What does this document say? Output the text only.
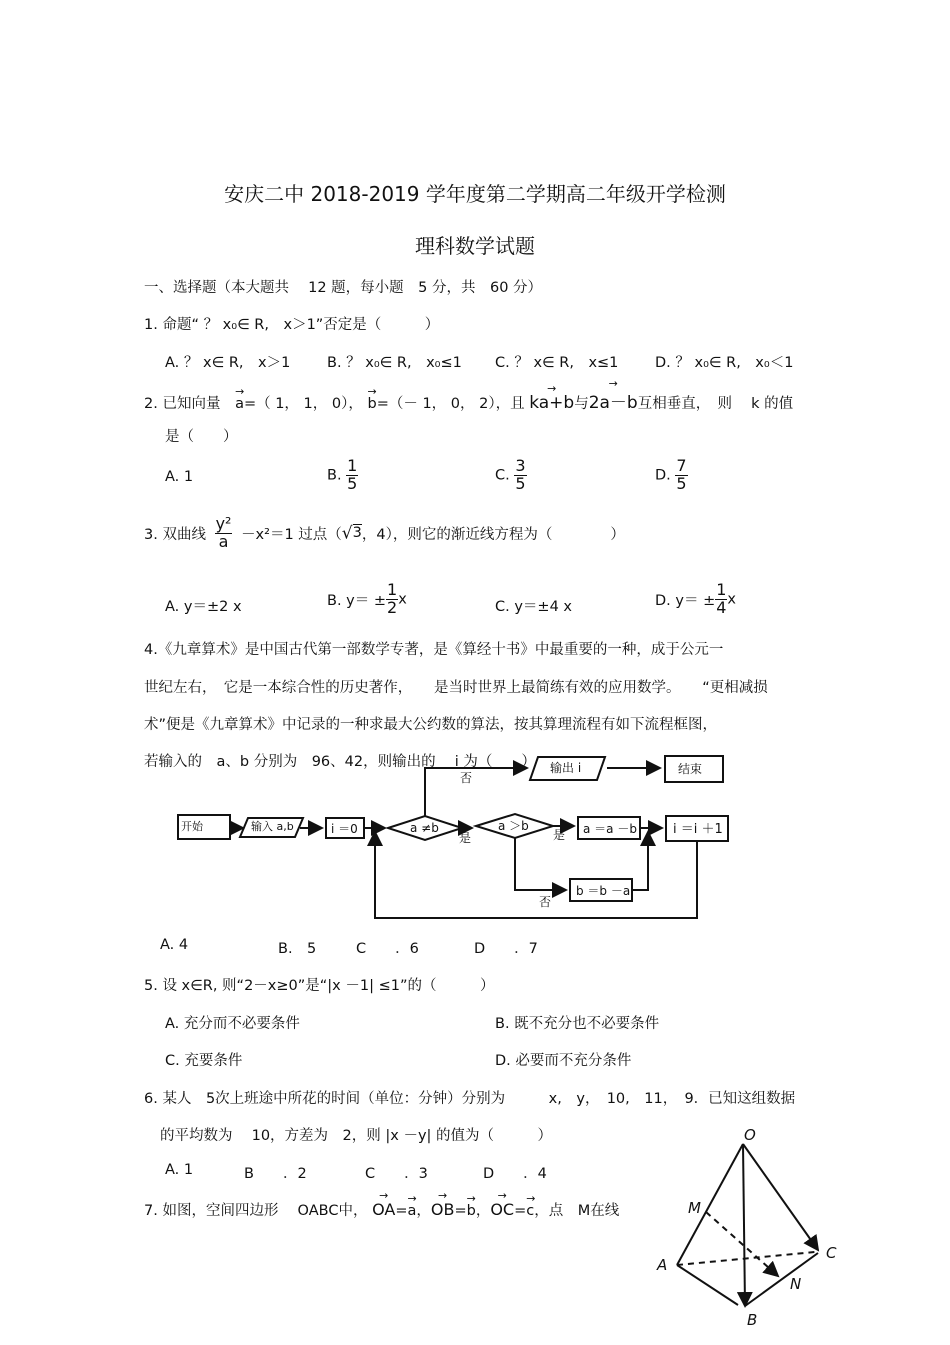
安庆二中 2018-2019 学年度第二学期高二年级开学检测
理科数学试题
一、选择题（本大题共　 12 题，每小题　5 分，共　60 分）
1. 命题“ ？ x₀∈ R,　x＞1”否定是（　　　）
A. ？ x∈ R,　x＞1	B. ？ x₀∈ R,　x₀≤1 C. ？ x∈ R,　x≤1	D. ？ x₀∈ R,　x₀＜1
2. 已知向量 → a=（ 1， 1， 0）， → b=（－ 1， 0， 2），且 → ka+b与→ 2a－b互相垂直，　则　 k 的值
是（　　）
A. 1	B. $\frac{1}{5}$	C. $\frac{3}{5}$	D. $\frac{7}{5}$
3. 双曲线 $\frac{\text{y²}}{a} -x^2=1$ 过点（√3，4），则它的渐近线方程为（　　　　）
A. y＝±2 x	B. $y= \pm \frac{1}{2}$ x	C. y＝±4 x	D. $y= \pm \frac{1}{4}$ x
4.《九章算术》是中国古代第一部数学专著，是《算经十书》中最重要的一种，成于公元一
世纪左右，　它是一本综合性的历史著作，　　是当时世界上最简练有效的应用数学。　　“更相减损
术”便是《九章算术》中记录的一种求最大公约数的算法，按其算理流程有如下流程框图，
若输入的　a、b 分别为　96、42，则输出的　 i 为（　　）
开始	输入 a,b	i ＝0	a ≠b	a ＞b	a ＝a －b	i ＝i ＋1
输出 i	结束
b ＝b －a
是	是
否
否
O
A
B
C
M
N
A. 4	B.　5	C　　．6	D　　．7
5. 设 x∈R, 则“2－x≥0”是“|x －1| ≤1”的（　　　）
A. 充分而不必要条件	B. 既不充分也不必要条件
C. 充要条件	D. 必要而不充分条件
6. 某人　5次上班途中所花的时间（单位：分钟）分别为　　　x,　y，　10,　11，　9．已知这组数据
的平均数为　 10，方差为　2，则 |x －y| 的值为（　　　）
A. 1	B　　．2	C　　．3	D　　．4
7. 如图，空间四边形　 OABC中， → OA=→ a，→ OB=→ b，→ OC=→ c，点　M在线
